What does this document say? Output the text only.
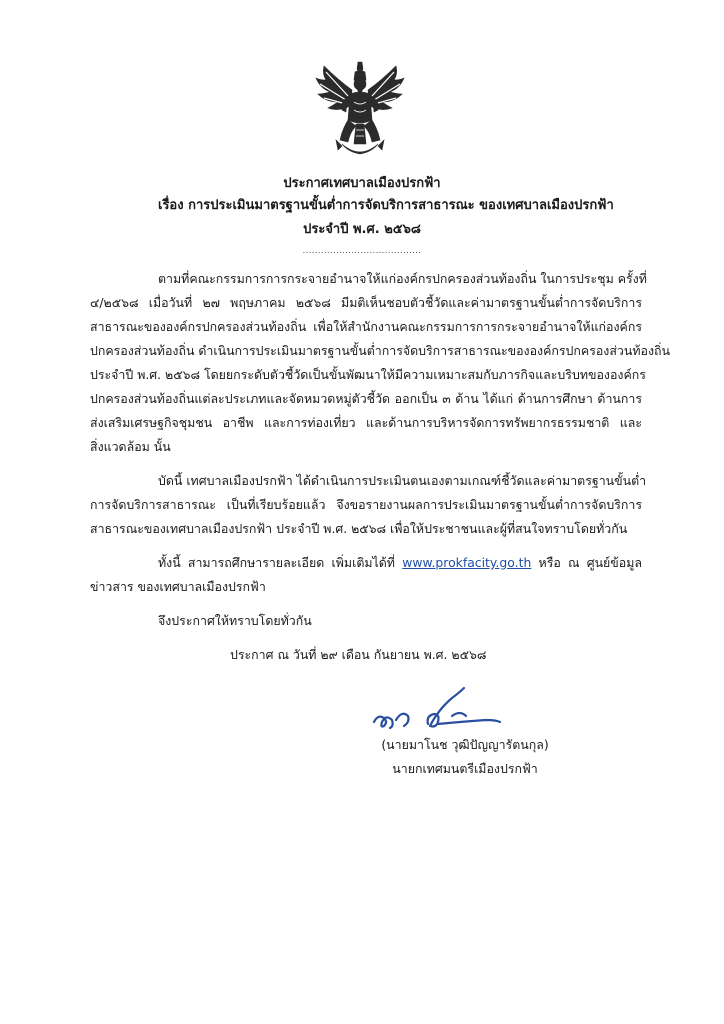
ประกาศเทศบาลเมืองปรกฟ้า
เรื่อง การประเมินมาตรฐานขั้นต่ำการจัดบริการสาธารณะ ของเทศบาลเมืองปรกฟ้า
ประจำปี พ.ศ. ๒๕๖๘
.......................................
ตามที่คณะกรรมการการกระจายอำนาจให้แก่องค์กรปกครองส่วนท้องถิ่น ในการประชุม ครั้งที่
๔/๒๕๖๘ เมื่อวันที่ ๒๗ พฤษภาคม ๒๕๖๘ มีมติเห็นชอบตัวชี้วัดและค่ามาตรฐานขั้นต่ำการจัดบริการ
สาธารณะขององค์กรปกครองส่วนท้องถิ่น เพื่อให้สำนักงานคณะกรรมการการกระจายอำนาจให้แก่องค์กร
ปกครองส่วนท้องถิ่น ดำเนินการประเมินมาตรฐานขั้นต่ำการจัดบริการสาธารณะขององค์กรปกครองส่วนท้องถิ่น
ประจำปี พ.ศ. ๒๕๖๘ โดยยกระดับตัวชี้วัดเป็นขั้นพัฒนาให้มีความเหมาะสมกับภารกิจและบริบทขององค์กร
ปกครองส่วนท้องถิ่นแต่ละประเภทและจัดหมวดหมู่ตัวชี้วัด ออกเป็น ๓ ด้าน ได้แก่ ด้านการศึกษา ด้านการ
ส่งเสริมเศรษฐกิจชุมชน อาชีพ และการท่องเที่ยว และด้านการบริหารจัดการทรัพยากรธรรมชาติ และ
สิ่งแวดล้อม นั้น
บัดนี้ เทศบาลเมืองปรกฟ้า ได้ดำเนินการประเมินตนเองตามเกณฑ์ชี้วัดและค่ามาตรฐานขั้นต่ำ
การจัดบริการสาธารณะ เป็นที่เรียบร้อยแล้ว จึงขอรายงานผลการประเมินมาตรฐานขั้นต่ำการจัดบริการ
สาธารณะของเทศบาลเมืองปรกฟ้า ประจำปี พ.ศ. ๒๕๖๘ เพื่อให้ประชาชนและผู้ที่สนใจทราบโดยทั่วกัน
ทั้งนี้ สามารถศึกษารายละเอียด เพิ่มเติมได้ที่ www.prokfacity.go.th หรือ ณ ศูนย์ข้อมูล
ข่าวสาร ของเทศบาลเมืองปรกฟ้า
จึงประกาศให้ทราบโดยทั่วกัน
ประกาศ ณ วันที่ ๒๙ เดือน กันยายน พ.ศ. ๒๕๖๘
(นายมาโนช วุฒิปัญญารัตนกุล)
นายกเทศมนตรีเมืองปรกฟ้า
